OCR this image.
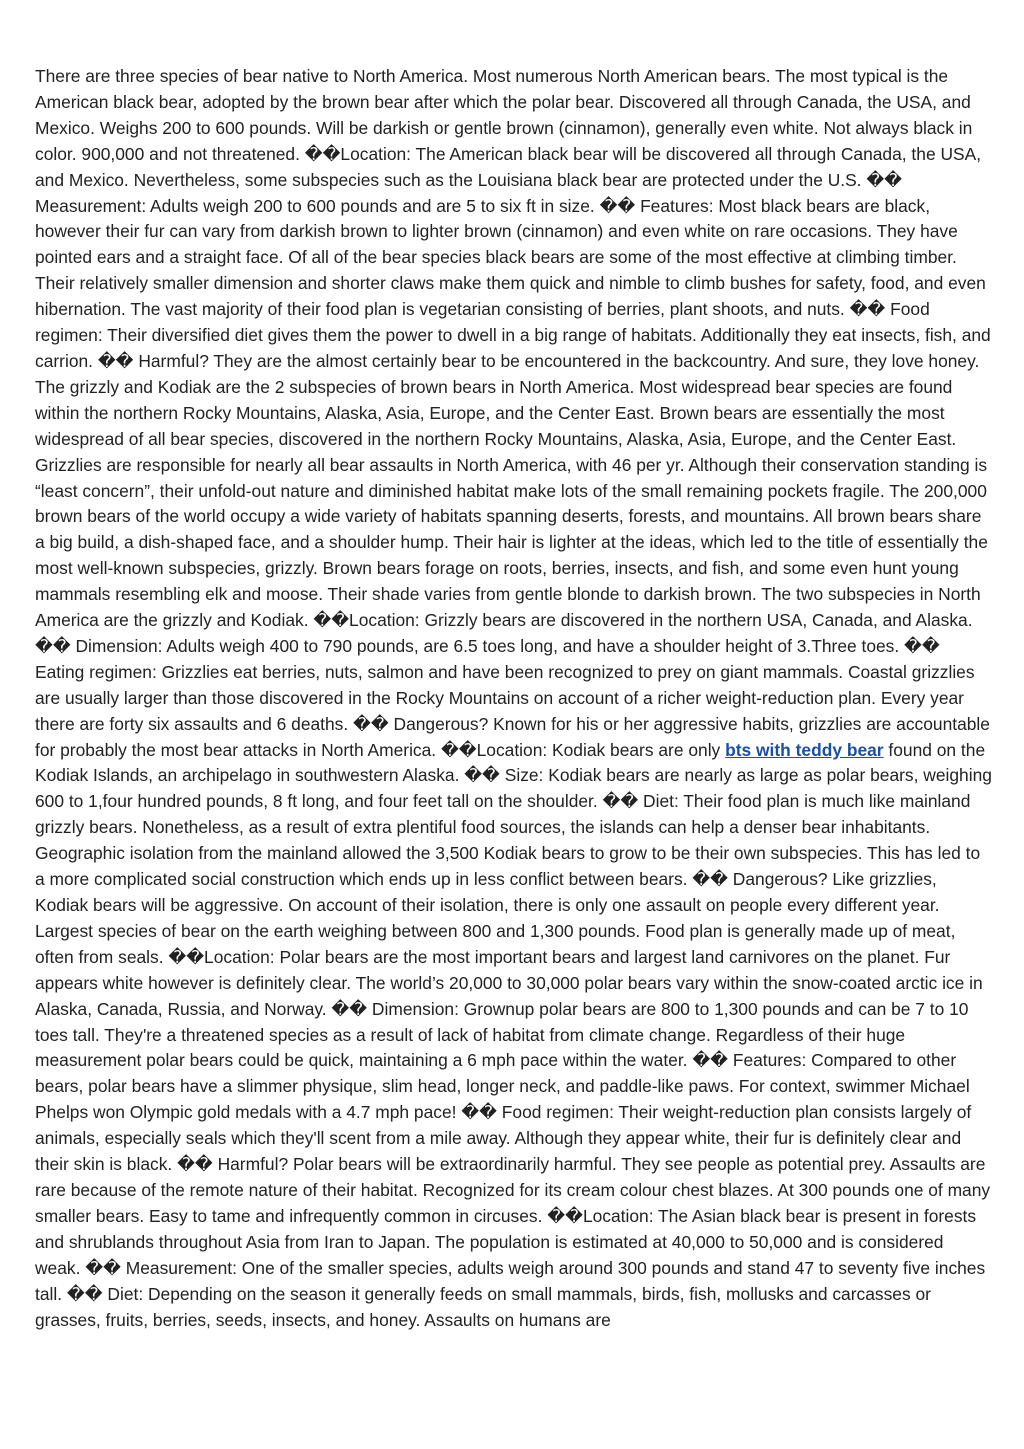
There are three species of bear native to North America. Most numerous North American bears. The most typical is the American black bear, adopted by the brown bear after which the polar bear. Discovered all through Canada, the USA, and Mexico. Weighs 200 to 600 pounds. Will be darkish or gentle brown (cinnamon), generally even white. Not always black in color. 900,000 and not threatened. ��Location: The American black bear will be discovered all through Canada, the USA, and Mexico. Nevertheless, some subspecies such as the Louisiana black bear are protected under the U.S. �� Measurement: Adults weigh 200 to 600 pounds and are 5 to six ft in size. �� Features: Most black bears are black, however their fur can vary from darkish brown to lighter brown (cinnamon) and even white on rare occasions. They have pointed ears and a straight face. Of all of the bear species black bears are some of the most effective at climbing timber. Their relatively smaller dimension and shorter claws make them quick and nimble to climb bushes for safety, food, and even hibernation. The vast majority of their food plan is vegetarian consisting of berries, plant shoots, and nuts. �� Food regimen: Their diversified diet gives them the power to dwell in a big range of habitats. Additionally they eat insects, fish, and carrion. �� Harmful? They are the almost certainly bear to be encountered in the backcountry. And sure, they love honey. The grizzly and Kodiak are the 2 subspecies of brown bears in North America. Most widespread bear species are found within the northern Rocky Mountains, Alaska, Asia, Europe, and the Center East. Brown bears are essentially the most widespread of all bear species, discovered in the northern Rocky Mountains, Alaska, Asia, Europe, and the Center East. Grizzlies are responsible for nearly all bear assaults in North America, with 46 per yr. Although their conservation standing is “least concern”, their unfold-out nature and diminished habitat make lots of the small remaining pockets fragile. The 200,000 brown bears of the world occupy a wide variety of habitats spanning deserts, forests, and mountains. All brown bears share a big build, a dish-shaped face, and a shoulder hump. Their hair is lighter at the ideas, which led to the title of essentially the most well-known subspecies, grizzly. Brown bears forage on roots, berries, insects, and fish, and some even hunt young mammals resembling elk and moose. Their shade varies from gentle blonde to darkish brown. The two subspecies in North America are the grizzly and Kodiak. ��Location: Grizzly bears are discovered in the northern USA, Canada, and Alaska. �� Dimension: Adults weigh 400 to 790 pounds, are 6.5 toes long, and have a shoulder height of 3.Three toes. �� Eating regimen: Grizzlies eat berries, nuts, salmon and have been recognized to prey on giant mammals. Coastal grizzlies are usually larger than those discovered in the Rocky Mountains on account of a richer weight-reduction plan. Every year there are forty six assaults and 6 deaths. �� Dangerous? Known for his or her aggressive habits, grizzlies are accountable for probably the most bear attacks in North America. ��Location: Kodiak bears are only bts with teddy bear found on the Kodiak Islands, an archipelago in southwestern Alaska. �� Size: Kodiak bears are nearly as large as polar bears, weighing 600 to 1,four hundred pounds, 8 ft long, and four feet tall on the shoulder. �� Diet: Their food plan is much like mainland grizzly bears. Nonetheless, as a result of extra plentiful food sources, the islands can help a denser bear inhabitants. Geographic isolation from the mainland allowed the 3,500 Kodiak bears to grow to be their own subspecies. This has led to a more complicated social construction which ends up in less conflict between bears. �� Dangerous? Like grizzlies, Kodiak bears will be aggressive. On account of their isolation, there is only one assault on people every different year. Largest species of bear on the earth weighing between 800 and 1,300 pounds. Food plan is generally made up of meat, often from seals. ��Location: Polar bears are the most important bears and largest land carnivores on the planet. Fur appears white however is definitely clear. The world’s 20,000 to 30,000 polar bears vary within the snow-coated arctic ice in Alaska, Canada, Russia, and Norway. �� Dimension: Grownup polar bears are 800 to 1,300 pounds and can be 7 to 10 toes tall. They're a threatened species as a result of lack of habitat from climate change. Regardless of their huge measurement polar bears could be quick, maintaining a 6 mph pace within the water. �� Features: Compared to other bears, polar bears have a slimmer physique, slim head, longer neck, and paddle-like paws. For context, swimmer Michael Phelps won Olympic gold medals with a 4.7 mph pace! �� Food regimen: Their weight-reduction plan consists largely of animals, especially seals which they'll scent from a mile away. Although they appear white, their fur is definitely clear and their skin is black. �� Harmful? Polar bears will be extraordinarily harmful. They see people as potential prey. Assaults are rare because of the remote nature of their habitat. Recognized for its cream colour chest blazes. At 300 pounds one of many smaller bears. Easy to tame and infrequently common in circuses. ��Location: The Asian black bear is present in forests and shrublands throughout Asia from Iran to Japan. The population is estimated at 40,000 to 50,000 and is considered weak. �� Measurement: One of the smaller species, adults weigh around 300 pounds and stand 47 to seventy five inches tall. �� Diet: Depending on the season it generally feeds on small mammals, birds, fish, mollusks and carcasses or grasses, fruits, berries, seeds, insects, and honey. Assaults on humans are
